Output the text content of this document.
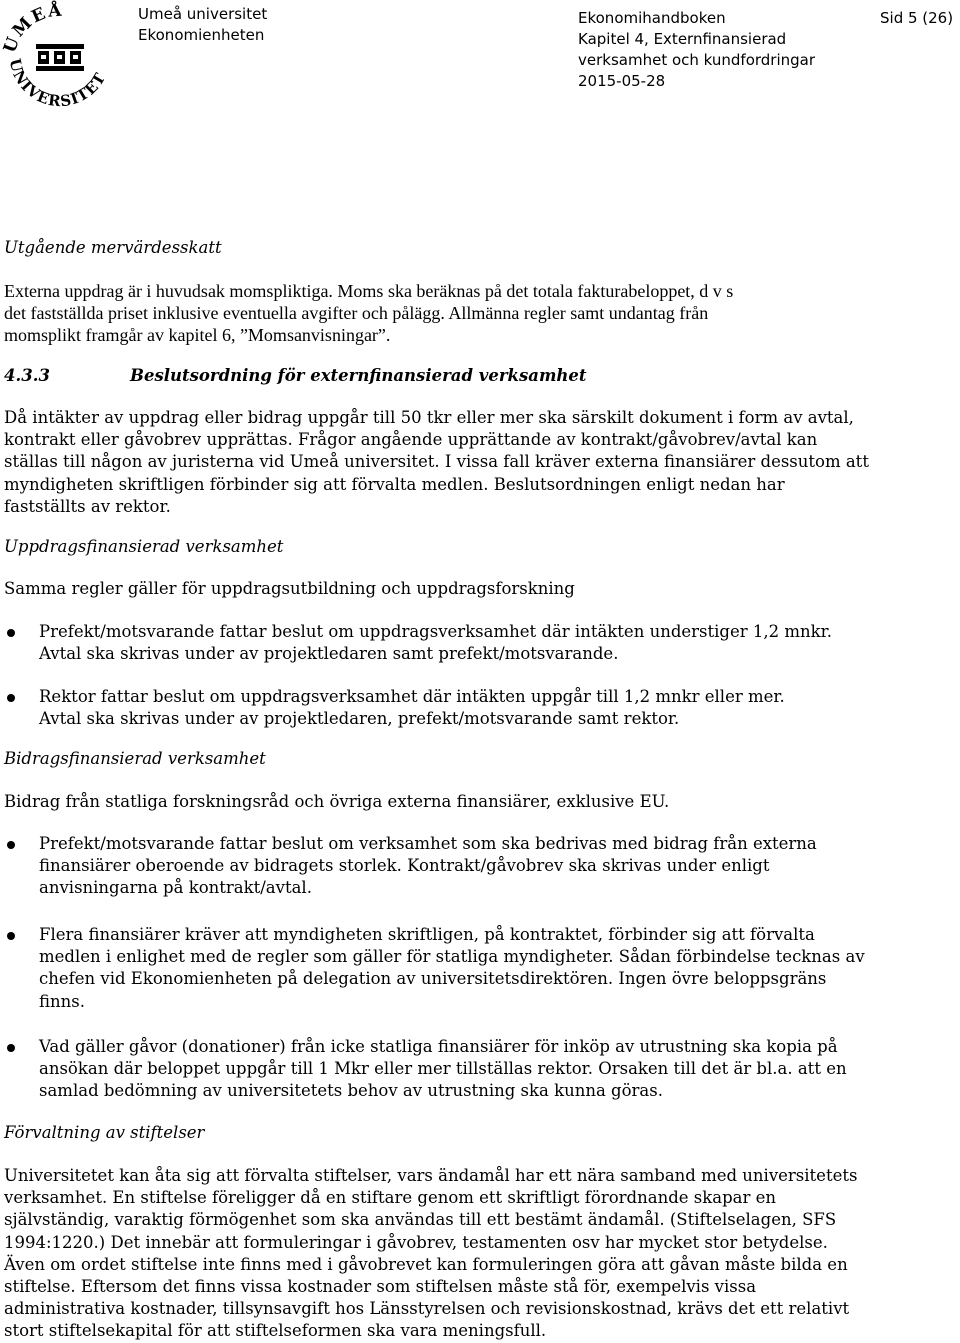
UMEÅ
UNIVERSITET
Umeå universitet
Ekonomienheten
Ekonomihandboken
Kapitel 4, Externfinansierad
verksamhet och kundfordringar
2015-05-28
Sid 5 (26)
Utgående mervärdesskatt
Externa uppdrag är i huvudsak momspliktiga. Moms ska beräknas på det totala fakturabeloppet, d v s
det fastställda priset inklusive eventuella avgifter och pålägg. Allmänna regler samt undantag från
momsplikt framgår av kapitel 6, ”Momsanvisningar”.
4.3.3	Beslutsordning för externfinansierad verksamhet
Då intäkter av uppdrag eller bidrag uppgår till 50 tkr eller mer ska särskilt dokument i form av avtal,
kontrakt eller gåvobrev upprättas. Frågor angående upprättande av kontrakt/gåvobrev/avtal kan
ställas till någon av juristerna vid Umeå universitet. I vissa fall kräver externa finansiärer dessutom att
myndigheten skriftligen förbinder sig att förvalta medlen. Beslutsordningen enligt nedan har
fastställts av rektor.
Uppdragsfinansierad verksamhet
Samma regler gäller för uppdragsutbildning och uppdragsforskning
Prefekt/motsvarande fattar beslut om uppdragsverksamhet där intäkten understiger 1,2 mnkr.
Avtal ska skrivas under av projektledaren samt prefekt/motsvarande.
Rektor fattar beslut om uppdragsverksamhet där intäkten uppgår till 1,2 mnkr eller mer.
Avtal ska skrivas under av projektledaren, prefekt/motsvarande samt rektor.
Bidragsfinansierad verksamhet
Bidrag från statliga forskningsråd och övriga externa finansiärer, exklusive EU.
Prefekt/motsvarande fattar beslut om verksamhet som ska bedrivas med bidrag från externa
finansiärer oberoende av bidragets storlek. Kontrakt/gåvobrev ska skrivas under enligt
anvisningarna på kontrakt/avtal.
Flera finansiärer kräver att myndigheten skriftligen, på kontraktet, förbinder sig att förvalta
medlen i enlighet med de regler som gäller för statliga myndigheter. Sådan förbindelse tecknas av
chefen vid Ekonomienheten på delegation av universitetsdirektören. Ingen övre beloppsgräns
finns.
Vad gäller gåvor (donationer) från icke statliga finansiärer för inköp av utrustning ska kopia på
ansökan där beloppet uppgår till 1 Mkr eller mer tillställas rektor. Orsaken till det är bl.a. att en
samlad bedömning av universitetets behov av utrustning ska kunna göras.
Förvaltning av stiftelser
Universitetet kan åta sig att förvalta stiftelser, vars ändamål har ett nära samband med universitetets
verksamhet. En stiftelse föreligger då en stiftare genom ett skriftligt förordnande skapar en
självständig, varaktig förmögenhet som ska användas till ett bestämt ändamål. (Stiftelselagen, SFS
1994:1220.) Det innebär att formuleringar i gåvobrev, testamenten osv har mycket stor betydelse.
Även om ordet stiftelse inte finns med i gåvobrevet kan formuleringen göra att gåvan måste bilda en
stiftelse. Eftersom det finns vissa kostnader som stiftelsen måste stå för, exempelvis vissa
administrativa kostnader, tillsynsavgift hos Länsstyrelsen och revisionskostnad, krävs det ett relativt
stort stiftelsekapital för att stiftelseformen ska vara meningsfull.
